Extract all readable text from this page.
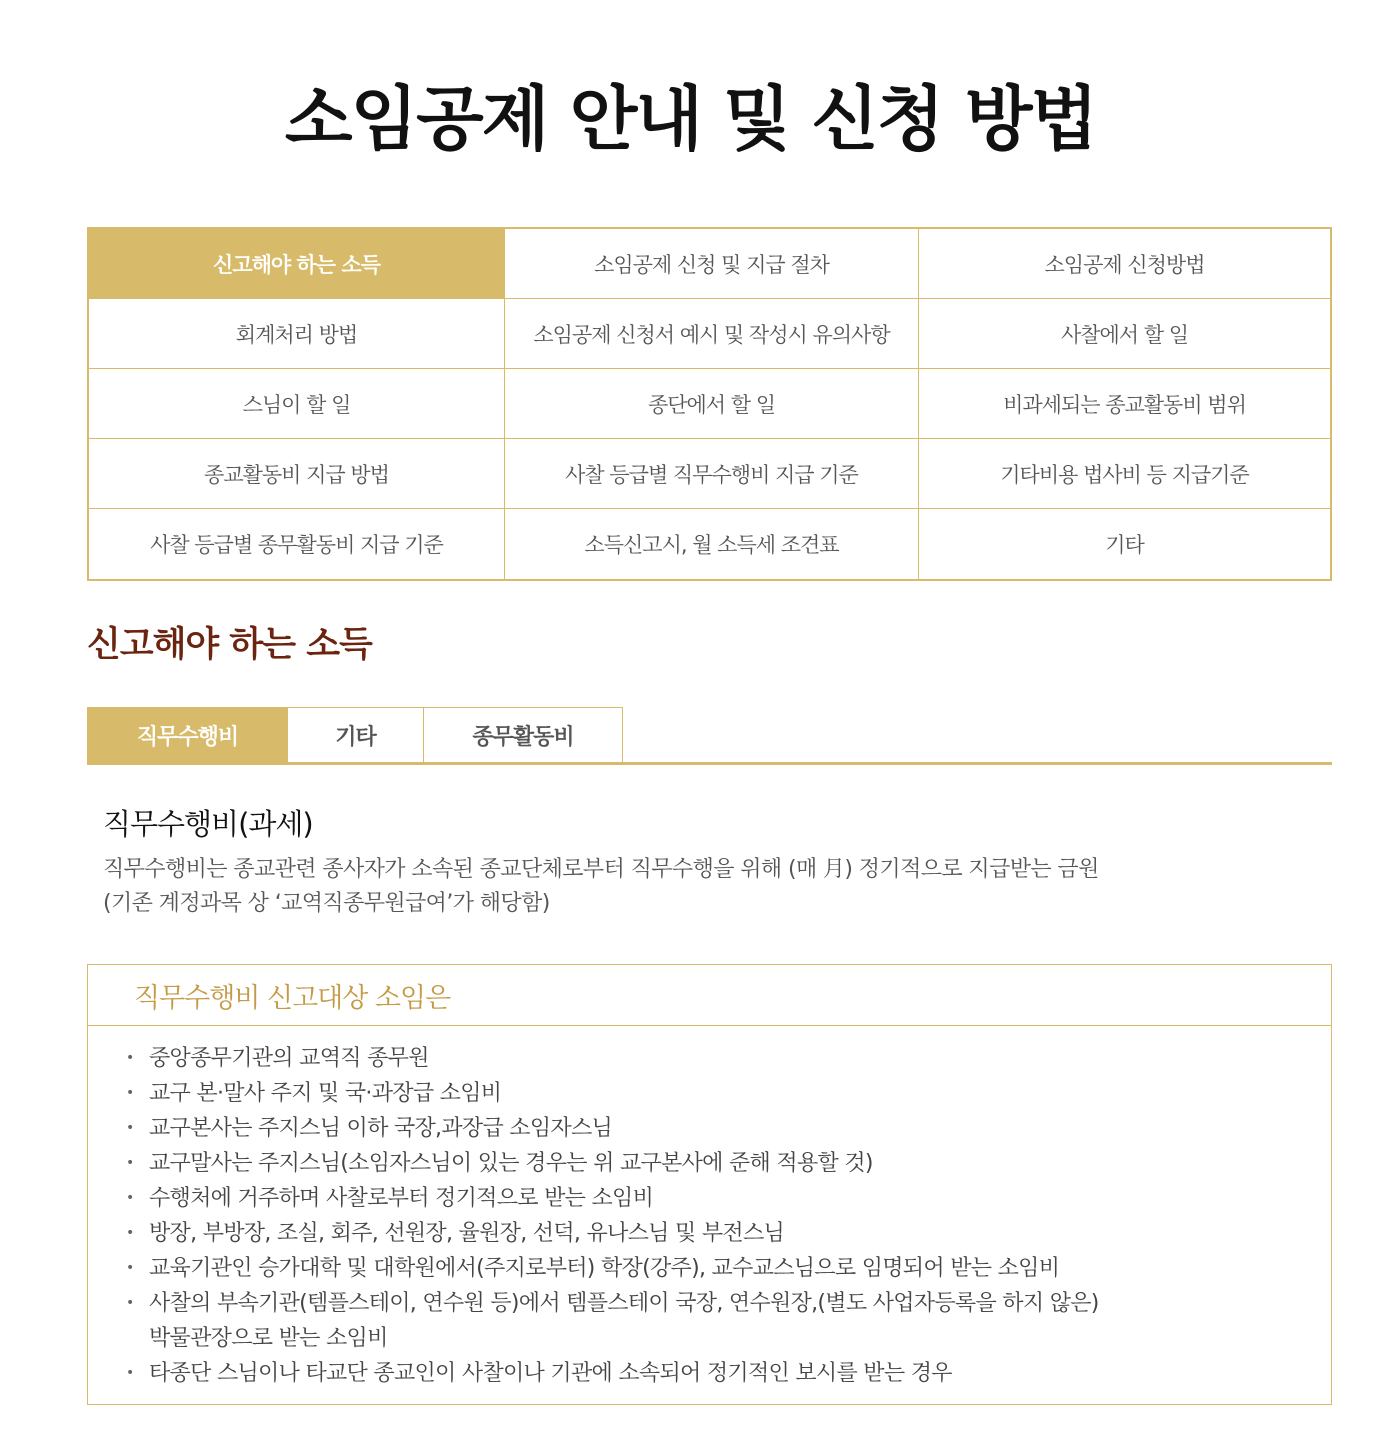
소임공제 안내 및 신청 방법
신고해야 하는 소득	소임공제 신청 및 지급 절차	소임공제 신청방법
회계처리 방법	소임공제 신청서 예시 및 작성시 유의사항	사찰에서 할 일
스님이 할 일	종단에서 할 일	비과세되는 종교활동비 범위
종교활동비 지급 방법	사찰 등급별 직무수행비 지급 기준	기타비용 법사비 등 지급기준
사찰 등급별 종무활동비 지급 기준	소득신고시, 월 소득세 조견표	기타
신고해야 하는 소득
직무수행비	기타	종무활동비
직무수행비(과세)
직무수행비는 종교관련 종사자가 소속된 종교단체로부터 직무수행을 위해 (매 月) 정기적으로 지급받는 금원
(기존 계정과목 상 ‘교역직종무원급여’가 해당함)
직무수행비 신고대상 소임은
• 중앙종무기관의 교역직 종무원
• 교구 본·말사 주지 및 국·과장급 소임비
• 교구본사는 주지스님 이하 국장,과장급 소임자스님
• 교구말사는 주지스님(소임자스님이 있는 경우는 위 교구본사에 준해 적용할 것)
• 수행처에 거주하며 사찰로부터 정기적으로 받는 소임비
• 방장, 부방장, 조실, 회주, 선원장, 율원장, 선덕, 유나스님 및 부전스님
• 교육기관인 승가대학 및 대학원에서(주지로부터) 학장(강주), 교수교스님으로 임명되어 받는 소임비
• 사찰의 부속기관(템플스테이, 연수원 등)에서 템플스테이 국장, 연수원장,(별도 사업자등록을 하지 않은)
박물관장으로 받는 소임비
• 타종단 스님이나 타교단 종교인이 사찰이나 기관에 소속되어 정기적인 보시를 받는 경우
